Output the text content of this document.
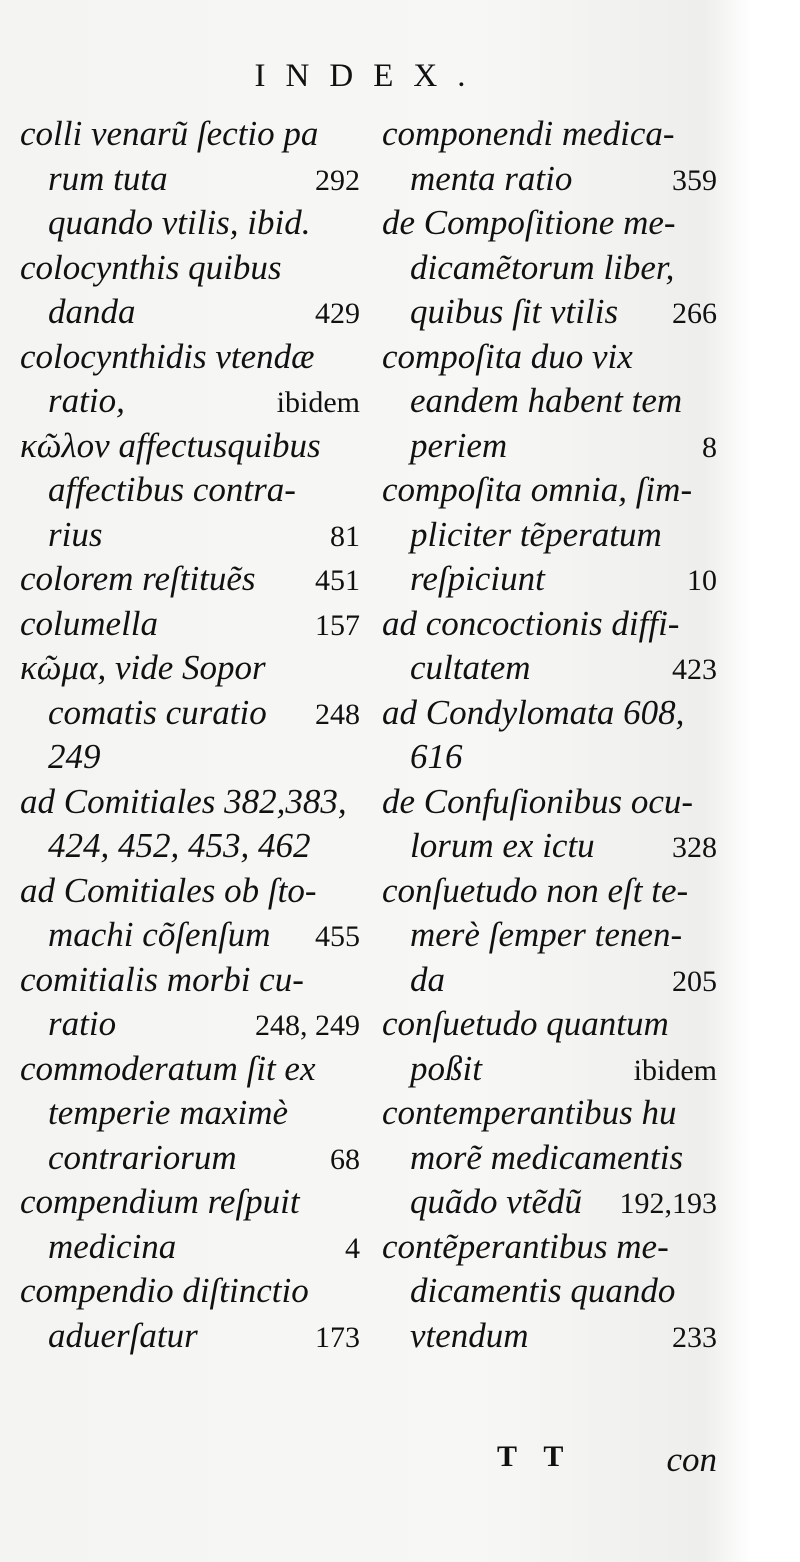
INDEX.
colli venarũ ſectio pa
rum tuta	292
quando vtilis, ibid.
colocynthis quibus
danda	429
colocynthidis vtendæ
ratio,	ibidem
κῶλον affectusquibus
affectibus contra-
rius	81
colorem reſtituẽs 451
columella	157
κῶμα, vide Sopor
comatis curatio 248
249
ad Comitiales 382,383,
424, 452, 453, 462
ad Comitiales ob ſto-
machi cõſenſum 455
comitialis morbi cu-
ratio	248, 249
commoderatum ſit ex
temperie maximè
contrariorum	68
compendium reſpuit
medicina	4
compendio diſtinctio
aduerſatur	173
componendi medica-
menta ratio	359
de Compoſitione me-
dicamẽtorum liber,
quibus ſit vtilis 266
compoſita duo vix
eandem habent tem
periem	8
compoſita omnia, ſim-
pliciter tẽperatum
reſpiciunt	10
ad concoctionis diffi-
cultatem	423
ad Condylomata 608,
616
de Confuſionibus ocu-
lorum ex ictu	328
conſuetudo non eſt te-
merè ſemper tenen-
da	205
conſuetudo quantum
poßit	ibidem
contemperantibus hu
morẽ medicamentis
quãdo vtẽdũ 192,193
contẽperantibus me-
dicamentis quando
vtendum	233
T T	con
